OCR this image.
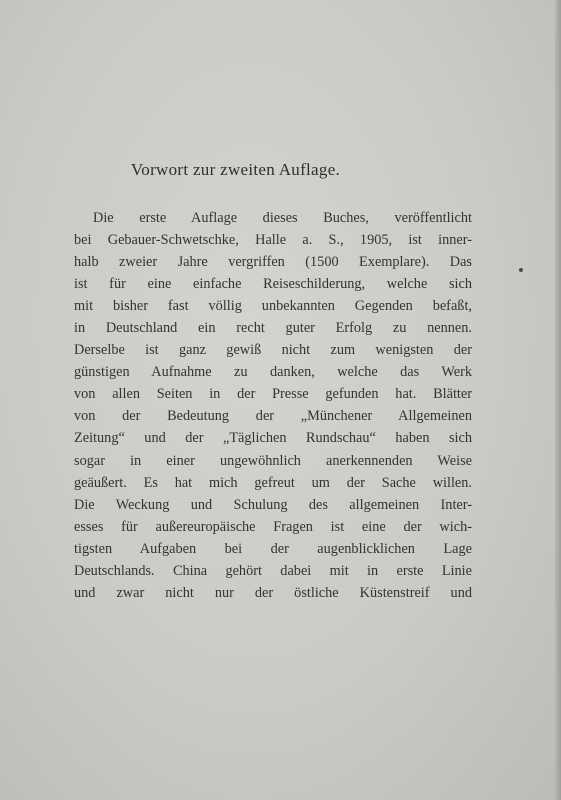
Vorwort zur zweiten Auflage.
Die erste Auflage dieses Buches, veröffentlicht
bei Gebauer-Schwetschke, Halle a. S., 1905, ist inner-
halb zweier Jahre vergriffen (1500 Exemplare). Das
ist für eine einfache Reiseschilderung, welche sich
mit bisher fast völlig unbekannten Gegenden befaßt,
in Deutschland ein recht guter Erfolg zu nennen.
Derselbe ist ganz gewiß nicht zum wenigsten der
günstigen Aufnahme zu danken, welche das Werk
von allen Seiten in der Presse gefunden hat. Blätter
von der Bedeutung der „Münchener Allgemeinen
Zeitung“ und der „Täglichen Rundschau“ haben sich
sogar in einer ungewöhnlich anerkennenden Weise
geäußert. Es hat mich gefreut um der Sache willen.
Die Weckung und Schulung des allgemeinen Inter-
esses für außereuropäische Fragen ist eine der wich-
tigsten Aufgaben bei der augenblicklichen Lage
Deutschlands. China gehört dabei mit in erste Linie
und zwar nicht nur der östliche Küstenstreif und
